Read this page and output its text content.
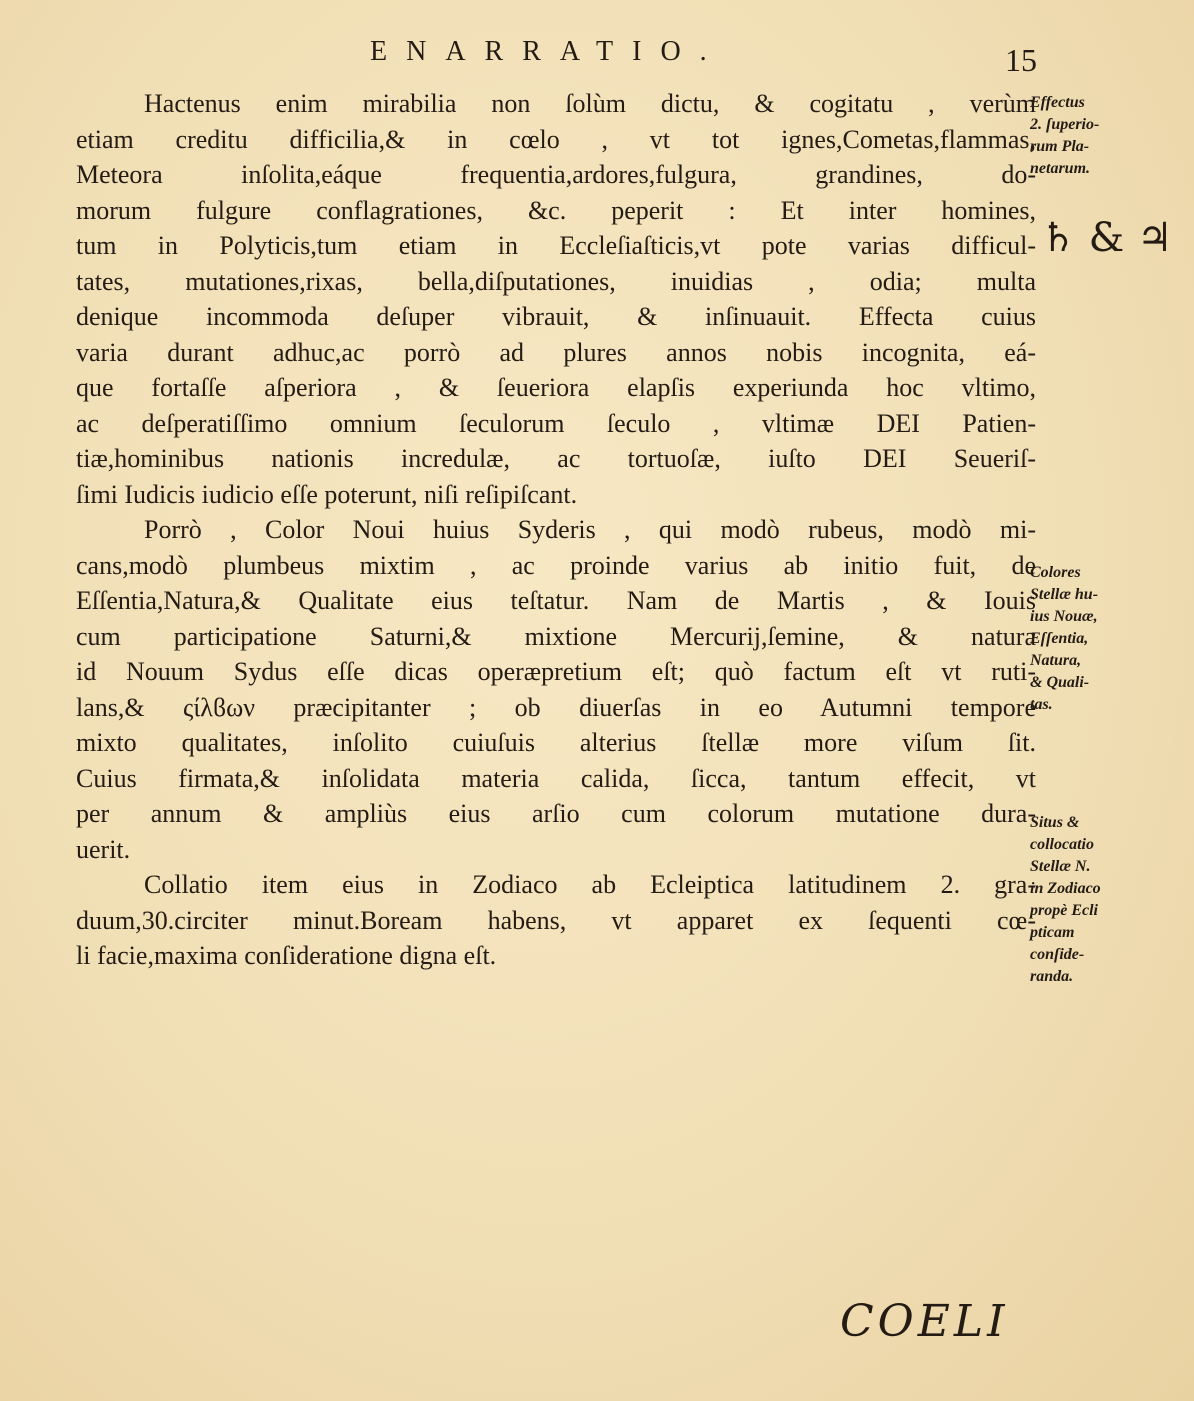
ENARRATIO.	15
Hactenus enim mirabilia non ſolùm dictu, & cogitatu , verùm
etiam creditu difficilia,& in cœlo , vt tot ignes,Cometas,flammas,
Meteora inſolita,eáque frequentia,ardores,fulgura, grandines, do-
morum fulgure conflagrationes, &c. peperit : Et inter homines,
tum in Polyticis,tum etiam in Eccleſiaſticis,vt pote varias difficul-
tates, mutationes,rixas, bella,diſputationes, inuidias , odia; multa
denique incommoda deſuper vibrauit, & inſinuauit. Effecta cuius
varia durant adhuc,ac porrò ad plures annos nobis incognita, eá-
que fortaſſe aſperiora , & ſeueriora elapſis experiunda hoc vltimo,
ac deſperatiſſimo omnium ſeculorum ſeculo , vltimæ DEI Patien-
tiæ,hominibus nationis incredulæ, ac tortuoſæ, iuſto DEI Seueriſ-
ſimi Iudicis iudicio eſſe poterunt, niſi reſipiſcant.
Porrò , Color Noui huius Syderis , qui modò rubeus, modò mi-
cans,modò plumbeus mixtim , ac proinde varius ab initio fuit, de
Eſſentia,Natura,& Qualitate eius teſtatur. Nam de Martis , & Iouis
cum participatione Saturni,& mixtione Mercurij,ſemine, & natura
id Nouum Sydus eſſe dicas operæpretium eſt; quò factum eſt vt ruti-
lans,& ςίλϐων præcipitanter ; ob diuerſas in eo Autumni tempore
mixto qualitates, inſolito cuiuſuis alterius ſtellæ more viſum ſit.
Cuius firmata,& inſolidata materia calida, ſicca, tantum effecit, vt
per annum & ampliùs eius arſio cum colorum mutatione dura-
uerit.
Collatio item eius in Zodiaco ab Ecleiptica latitudinem 2. gra-
duum,30.circiter minut.Boream habens, vt apparet ex ſequenti cœ-
li facie,maxima conſideratione digna eſt.
Effectus
2. ſuperio-
rum Pla-
netarum.
♄ & ♃
Colores
Stellæ hu-
ius Nouæ,
Eſſentia,
Natura,
& Quali-
tas.
Situs &
collocatio
Stellæ N.
in Zodiaco
propè Ecli
pticam
conſide-
randa.
COELI
